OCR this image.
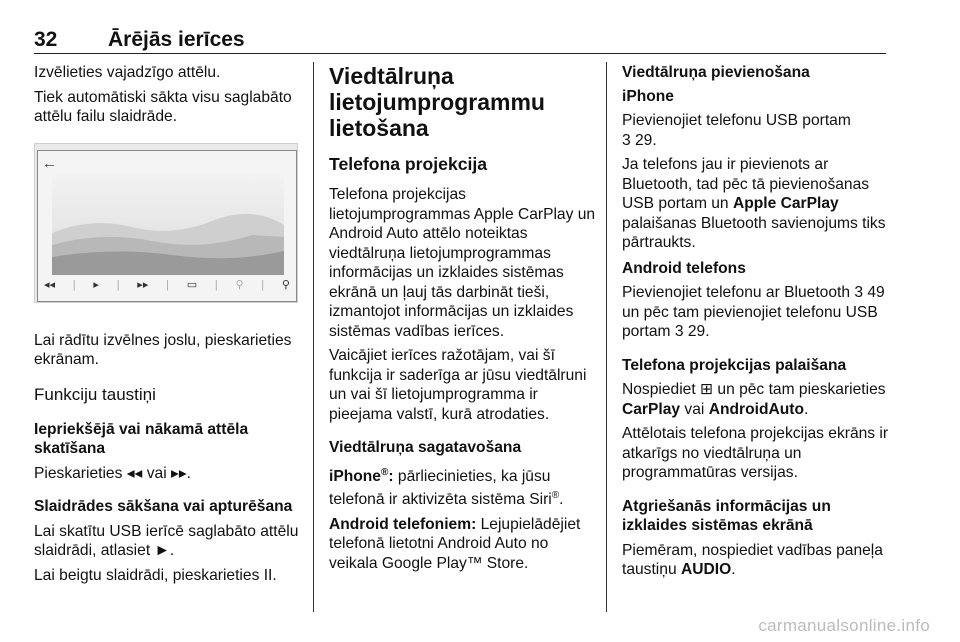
32 Ārējās ierīces

Izvēlieties vajadzīgo attēlu.

Tiek automātiski sākta visu saglabāto attēlu failu slaidrāde.

←
◂◂ | ▸ | ▸▸ | ▭ | ⚲ | ⚲

Lai rādītu izvēlnes joslu, pieskarieties ekrānam.

Funkciju taustiņi

Iepriekšējā vai nākamā attēla skatīšana

Pieskarieties ◂◂ vai ▸▸.

Slaidrādes sākšana vai apturēšana

Lai skatītu USB ierīcē saglabāto attēlu slaidrādi, atlasiet ►.

Lai beigtu slaidrādi, pieskarieties II.

Viedtālruņa lietojumprogrammu lietošana
Telefona projekcija

Telefona projekcijas lietojumprogrammas Apple CarPlay un Android Auto attēlo noteiktas viedtālruņa lietojumprogrammas informācijas un izklaides sistēmas ekrānā un ļauj tās darbināt tieši, izmantojot informācijas un izklaides sistēmas vadības ierīces.

Vaicājiet ierīces ražotājam, vai šī funkcija ir saderīga ar jūsu viedtālruni un vai šī lietojumprogramma ir pieejama valstī, kurā atrodaties.

Viedtālruņa sagatavošana

iPhone®: pārliecinieties, ka jūsu telefonā ir aktivizēta sistēma Siri®.

Android telefoniem: Lejupielādējiet telefonā lietotni Android Auto no veikala Google Play™ Store.

Viedtālruņa pievienošana

iPhone

Pievienojiet telefonu USB portam

3 29.

Ja telefons jau ir pievienots ar Bluetooth, tad pēc tā pievienošanas USB portam un Apple CarPlay palaišanas Bluetooth savienojums tiks pārtraukts.

Android telefons

Pievienojiet telefonu ar Bluetooth 3 49 un pēc tam pievienojiet telefonu USB portam 3 29.

Telefona projekcijas palaišana

Nospiediet ⊞ un pēc tam pieskarieties CarPlay vai AndroidAuto.

Attēlotais telefona projekcijas ekrāns ir atkarīgs no viedtālruņa un programmatūras versijas.

Atgriešanās informācijas un izklaides sistēmas ekrānā

Piemēram, nospiediet vadības paneļa taustiņu AUDIO.

carmanualsonline.info
